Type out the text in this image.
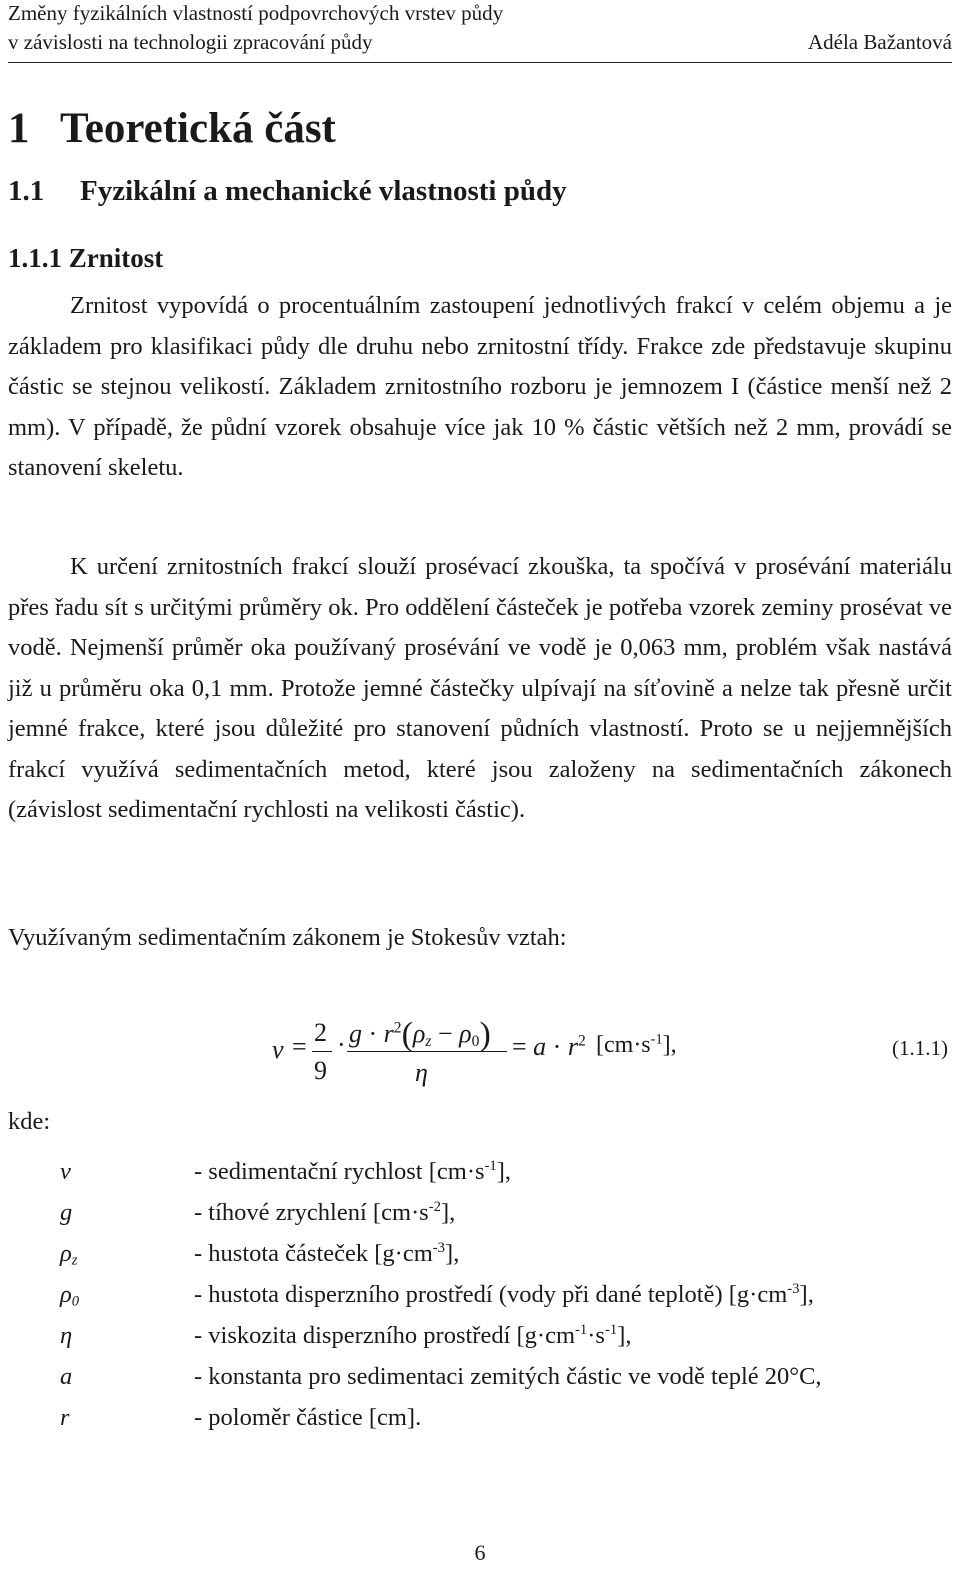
Změny fyzikálních vlastností podpovrchových vrstev půdy
v závislosti na technologii zpracování půdy	Adéla Bažantová
1 Teoretická část
1.1 Fyzikální a mechanické vlastnosti půdy
1.1.1 Zrnitost

Zrnitost vypovídá o procentuálním zastoupení jednotlivých frakcí v celém objemu a je základem pro klasifikaci půdy dle druhu nebo zrnitostní třídy. Frakce zde představuje skupinu částic se stejnou velikostí. Základem zrnitostního rozboru je jemnozem I (částice menší než 2 mm). V případě, že půdní vzorek obsahuje více jak 10 % částic větších než 2 mm, provádí se stanovení skeletu.

K určení zrnitostních frakcí slouží prosévací zkouška, ta spočívá v prosévání materiálu přes řadu sít s určitými průměry ok. Pro oddělení částeček je potřeba vzorek zeminy prosévat ve vodě. Nejmenší průměr oka používaný prosévání ve vodě je 0,063 mm, problém však nastává již u průměru oka 0,1 mm. Protože jemné částečky ulpívají na síťovině a nelze tak přesně určit jemné frakce, které jsou důležité pro stanovení půdních vlastností. Proto se u nejjemnějších frakcí využívá sedimentačních metod, které jsou založeny na sedimentačních zákonech (závislost sedimentační rychlosti na velikosti částic).

Využívaným sedimentačním zákonem je Stokesův vztah:

v = 2
9
· $g \cdot r^2(\rho_z - \rho_0)$
η
= $a \cdot r^2$ $[cm\cdot s^{-1}]$,	(1.1.1)
kde:
v	- sedimentační rychlost $[cm\cdot s^{-1}]$,
g	- tíhové zrychlení $[cm\cdot s^{-2}]$,
$\rho_z$	- hustota částeček $[g\cdot cm^{-3}]$,
$\rho_0$	- hustota disperzního prostředí (vody při dané teplotě) $[g\cdot cm^{-3}]$,
η	- viskozita disperzního prostředí $[g\cdot cm^{-1}\cdot s^{-1}]$,
a	- konstanta pro sedimentaci zemitých částic ve vodě teplé 20°C,
r	- poloměr částice [cm].
6
